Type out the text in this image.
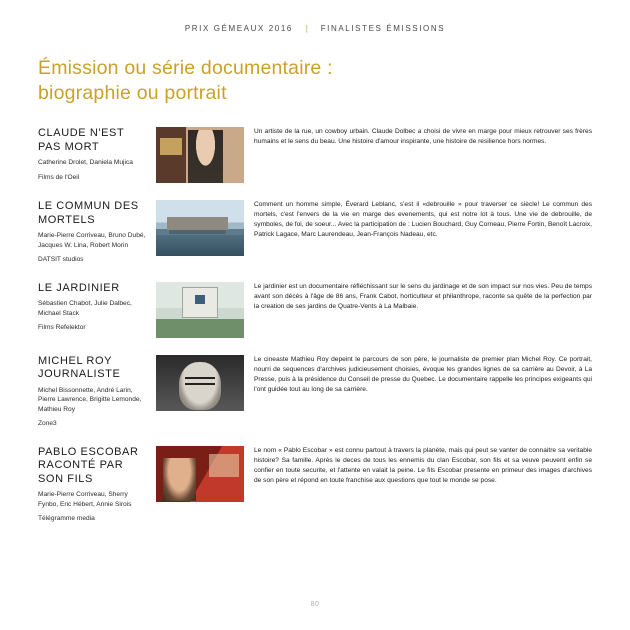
PRIX GÉMEAUX 2016 | FINALISTES ÉMISSIONS
Émission ou série documentaire :
biographie ou portrait
CLAUDE N'EST PAS MORT
Catherine Drolet, Daniela Mujica
Films de l'Oeil
Un artiste de la rue, un cowboy urbain. Claude Dolbec a choisi de vivre en marge pour mieux retrouver ses frères humains et le sens du beau. Une histoire d'amour inspirante, une histoire de resilience hors normes.
LE COMMUN DES MORTELS
Marie-Pierre Corriveau, Bruno Dubé, Jacques W. Lina, Robert Morin
DATSIT studios
Comment un homme simple, Éverard Leblanc, s'est il «debrouille » pour traverser ce siècle! Le commun des mortels, c'est l'envers de la vie en marge des evenements, qui est notre lot à tous. Une vie de debrouille, de symboles, de foi, de soeur... Avec la participation de : Lucien Bouchard, Guy Corneau, Pierre Fortin, Benoît Lacroix, Patrick Lagace, Marc Laurendeau, Jean-François Nadeau, etc.
LE JARDINIER
Sébastien Chabot, Julie Dalbec, Michael Stack
Films Refelektor
Le jardinier est un documentaire réfléchissant sur le sens du jardinage et de son impact sur nos vies. Peu de temps avant son décès à l'âge de 86 ans, Frank Cabot, horticulteur et philanthrope, raconte sa quête de la perfection par la creation de ses jardins de Quatre-Vents à La Malbaie.
MICHEL ROY JOURNALISTE
Michel Bissonnette, André Larin, Pierre Lawrence, Brigitte Lemonde, Mathieu Roy
Zone3
Le cineaste Mathieu Roy depeint le parcours de son père, le journaliste de premier plan Michel Roy. Ce portrait, nourri de sequences d'archives judicieusement choisies, évoque les grandes lignes de sa carrière au Devoir, à La Presse, puis à la présidence du Conseil de presse du Quebec. Le documentaire rappelle les principes exigeants qui l'ont guidée tout au long de sa carrière.
PABLO ESCOBAR RACONTÉ PAR SON FILS
Marie-Pierre Corriveau, Sherry Fynbo, Eric Hébert, Annie Sirois
Télégramme media
Le nom « Pablo Escobar » est connu partout à travers la planète, mais qui peut se vanter de connaitre sa veritable histoire? Sa famille. Après le deces de tous les ennemis du clan Escobar, son fils et sa veuve peuvent enfin se confier en toute securite, et l'attente en valait la peine. Le fils Escobar presente en primeur des images d'archives de son père et répond en toute franchise aux questions que tout le monde se pose.
80
